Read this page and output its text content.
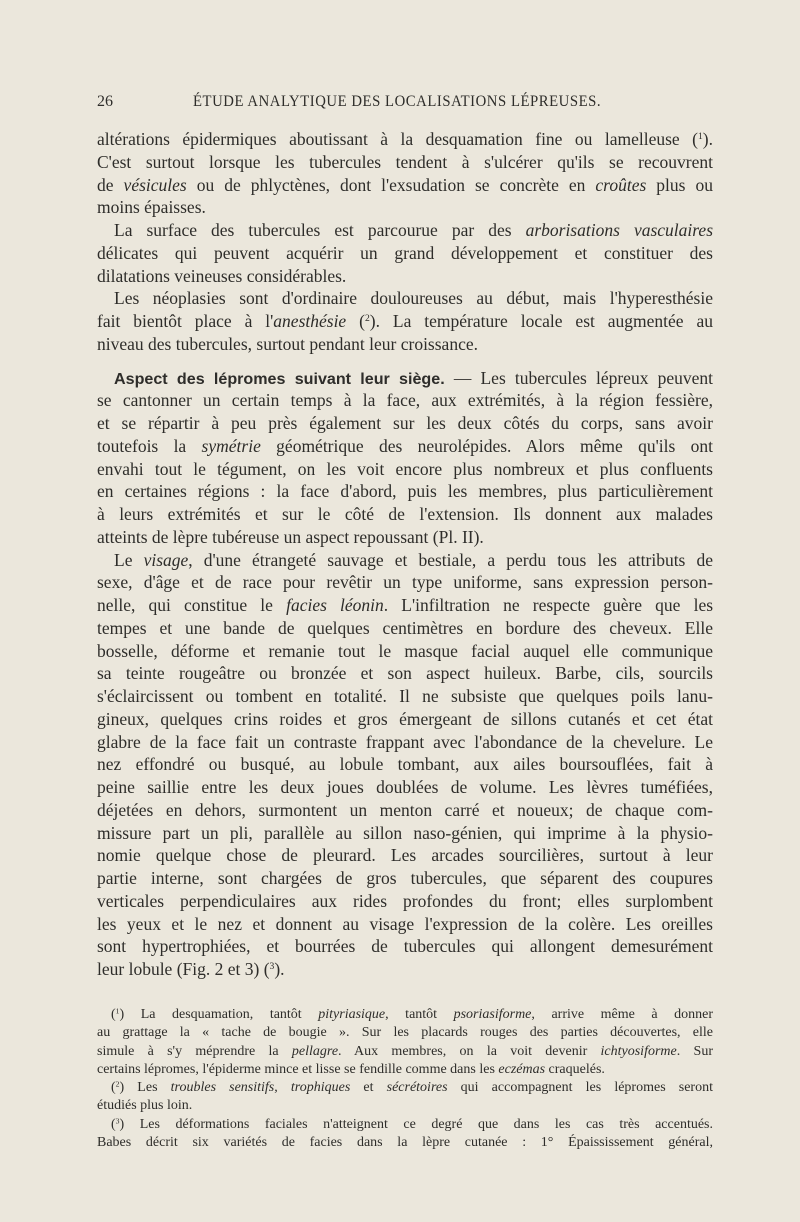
26	ÉTUDE ANALYTIQUE DES LOCALISATIONS LÉPREUSES.
altérations épidermiques aboutissant à la desquamation fine ou lamelleuse ($^1$).
C'est surtout lorsque les tubercules tendent à s'ulcérer qu'ils se recouvrent
de vésicules ou de phlyctènes, dont l'exsudation se concrète en croûtes plus ou
moins épaisses.
La surface des tubercules est parcourue par des arborisations vasculaires
délicates qui peuvent acquérir un grand développement et constituer des
dilatations veineuses considérables.
Les néoplasies sont d'ordinaire douloureuses au début, mais l'hyperesthésie
fait bientôt place à l'anesthésie ($^2$). La température locale est augmentée au
niveau des tubercules, surtout pendant leur croissance.
Aspect des lépromes suivant leur siège. — Les tubercules lépreux peuvent
se cantonner un certain temps à la face, aux extrémités, à la région fessière,
et se répartir à peu près également sur les deux côtés du corps, sans avoir
toutefois la symétrie géométrique des neurolépides. Alors même qu'ils ont
envahi tout le tégument, on les voit encore plus nombreux et plus confluents
en certaines régions : la face d'abord, puis les membres, plus particulièrement
à leurs extrémités et sur le côté de l'extension. Ils donnent aux malades
atteints de lèpre tubéreuse un aspect repoussant (Pl. II).
Le visage, d'une étrangeté sauvage et bestiale, a perdu tous les attributs de
sexe, d'âge et de race pour revêtir un type uniforme, sans expression person-
nelle, qui constitue le facies léonin. L'infiltration ne respecte guère que les
tempes et une bande de quelques centimètres en bordure des cheveux. Elle
bosselle, déforme et remanie tout le masque facial auquel elle communique
sa teinte rougeâtre ou bronzée et son aspect huileux. Barbe, cils, sourcils
s'éclaircissent ou tombent en totalité. Il ne subsiste que quelques poils lanu-
gineux, quelques crins roides et gros émergeant de sillons cutanés et cet état
glabre de la face fait un contraste frappant avec l'abondance de la chevelure. Le
nez effondré ou busqué, au lobule tombant, aux ailes boursouflées, fait à
peine saillie entre les deux joues doublées de volume. Les lèvres tuméfiées,
déjetées en dehors, surmontent un menton carré et noueux; de chaque com-
missure part un pli, parallèle au sillon naso-génien, qui imprime à la physio-
nomie quelque chose de pleurard. Les arcades sourcilières, surtout à leur
partie interne, sont chargées de gros tubercules, que séparent des coupures
verticales perpendiculaires aux rides profondes du front; elles surplombent
les yeux et le nez et donnent au visage l'expression de la colère. Les oreilles
sont hypertrophiées, et bourrées de tubercules qui allongent demesurément
leur lobule (Fig. 2 et 3) ($^3$).
($^1$) La desquamation, tantôt pityriasique, tantôt psoriasiforme, arrive même à donner
au grattage la « tache de bougie ». Sur les placards rouges des parties découvertes, elle
simule à s'y méprendre la pellagre. Aux membres, on la voit devenir ichtyosiforme. Sur
certains lépromes, l'épiderme mince et lisse se fendille comme dans les eczémas craquelés.
($^2$) Les troubles sensitifs, trophiques et sécrétoires qui accompagnent les lépromes seront
étudiés plus loin.
($^3$) Les déformations faciales n'atteignent ce degré que dans les cas très accentués.
Babes décrit six variétés de facies dans la lèpre cutanée : 1° Épaississement général,
